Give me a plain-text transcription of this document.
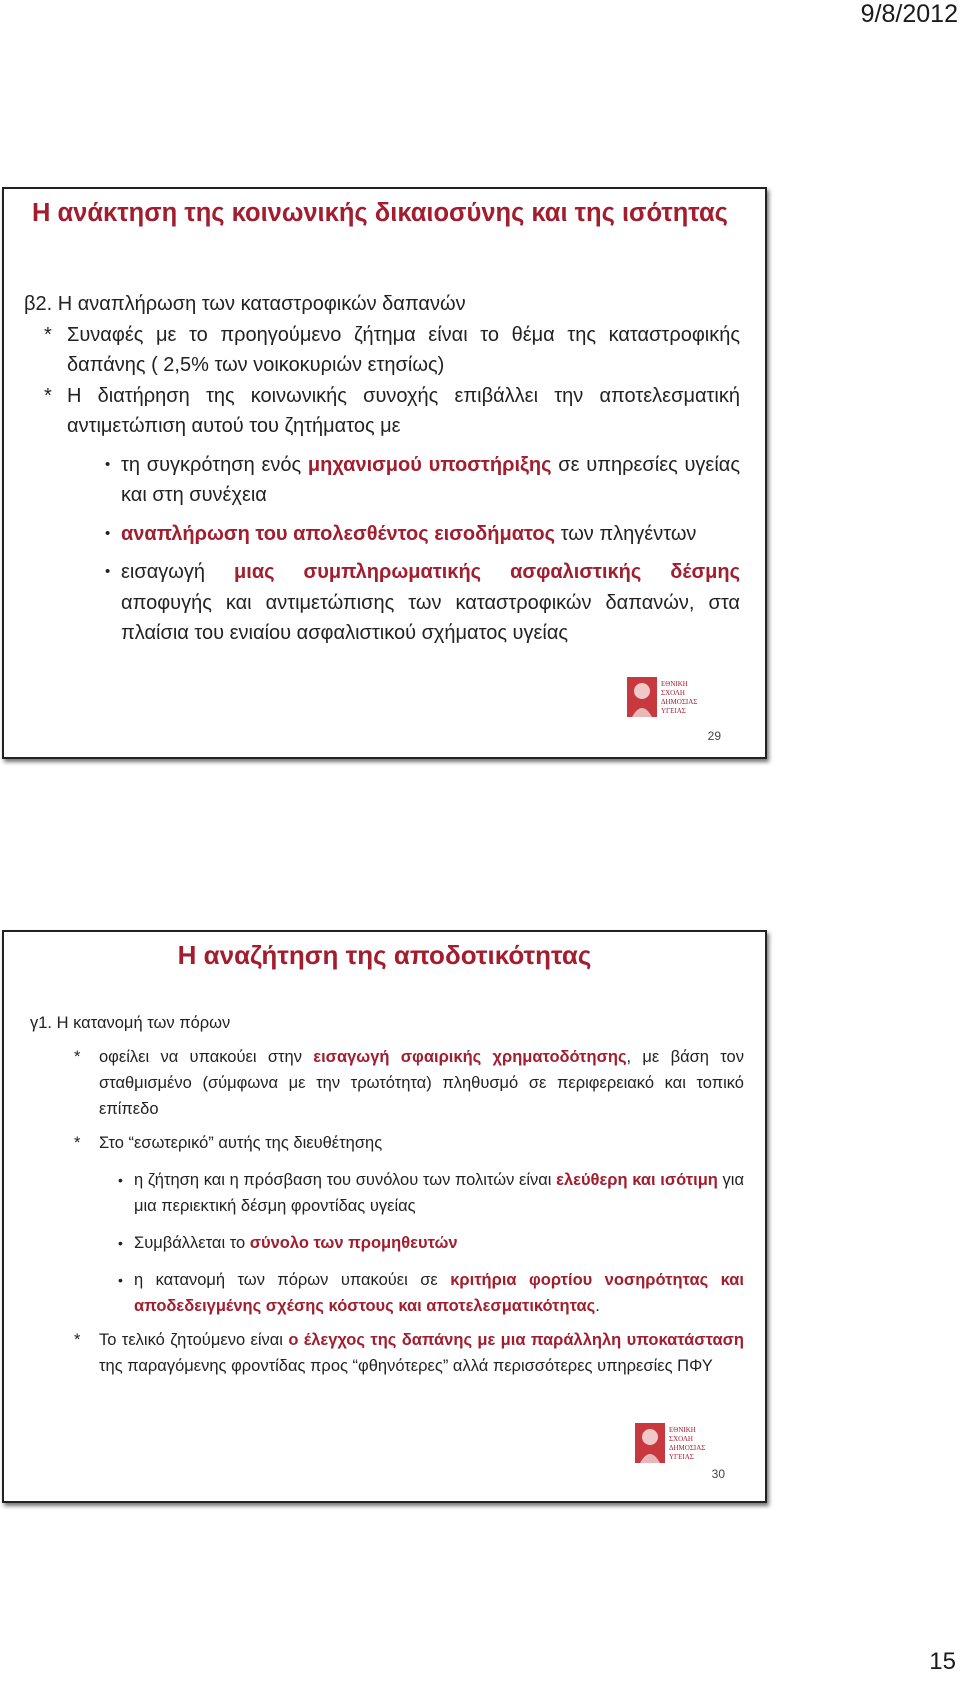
9/8/2012
Η ανάκτηση της κοινωνικής δικαιοσύνης και της ισότητας

β2. Η αναπλήρωση των καταστροφικών δαπανών

* Συναφές με το προηγούμενο ζήτημα είναι το θέμα της καταστροφικής δαπάνης ( 2,5% των νοικοκυριών ετησίως)

* Η διατήρηση της κοινωνικής συνοχής επιβάλλει την αποτελεσματική αντιμετώπιση αυτού του ζητήματος με

• τη συγκρότηση ενός μηχανισμού υποστήριξης σε υπηρεσίες υγείας και στη συνέχεια

• αναπλήρωση του απολεσθέντος εισοδήματος των πληγέντων

• εισαγωγή μιας συμπληρωματικής ασφαλιστικής δέσμης αποφυγής και αντιμετώπισης των καταστροφικών δαπανών, στα πλαίσια του ενιαίου ασφαλιστικού σχήματος υγείας

ΕΘΝΙΚΗ
ΣΧΟΛΗ
ΔΗΜΟΣΙΑΣ
ΥΓΕΙΑΣ
29
Η αναζήτηση της αποδοτικότητας

γ1. Η κατανομή των πόρων

* οφείλει να υπακούει στην εισαγωγή σφαιρικής χρηματοδότησης, με βάση τον σταθμισμένο (σύμφωνα με την τρωτότητα) πληθυσμό σε περιφερειακό και τοπικό επίπεδο

* Στο “εσωτερικό” αυτής της διευθέτησης

• η ζήτηση και η πρόσβαση του συνόλου των πολιτών είναι ελεύθερη και ισότιμη για μια περιεκτική δέσμη φροντίδας υγείας

• Συμβάλλεται το σύνολο των προμηθευτών

• η κατανομή των πόρων υπακούει σε κριτήρια φορτίου νοσηρότητας και αποδεδειγμένης σχέσης κόστους και αποτελεσματικότητας.

* Το τελικό ζητούμενο είναι ο έλεγχος της δαπάνης με μια παράλληλη υποκατάσταση της παραγόμενης φροντίδας προς “φθηνότερες” αλλά περισσότερες υπηρεσίες ΠΦΥ

ΕΘΝΙΚΗ
ΣΧΟΛΗ
ΔΗΜΟΣΙΑΣ
ΥΓΕΙΑΣ
30
15
